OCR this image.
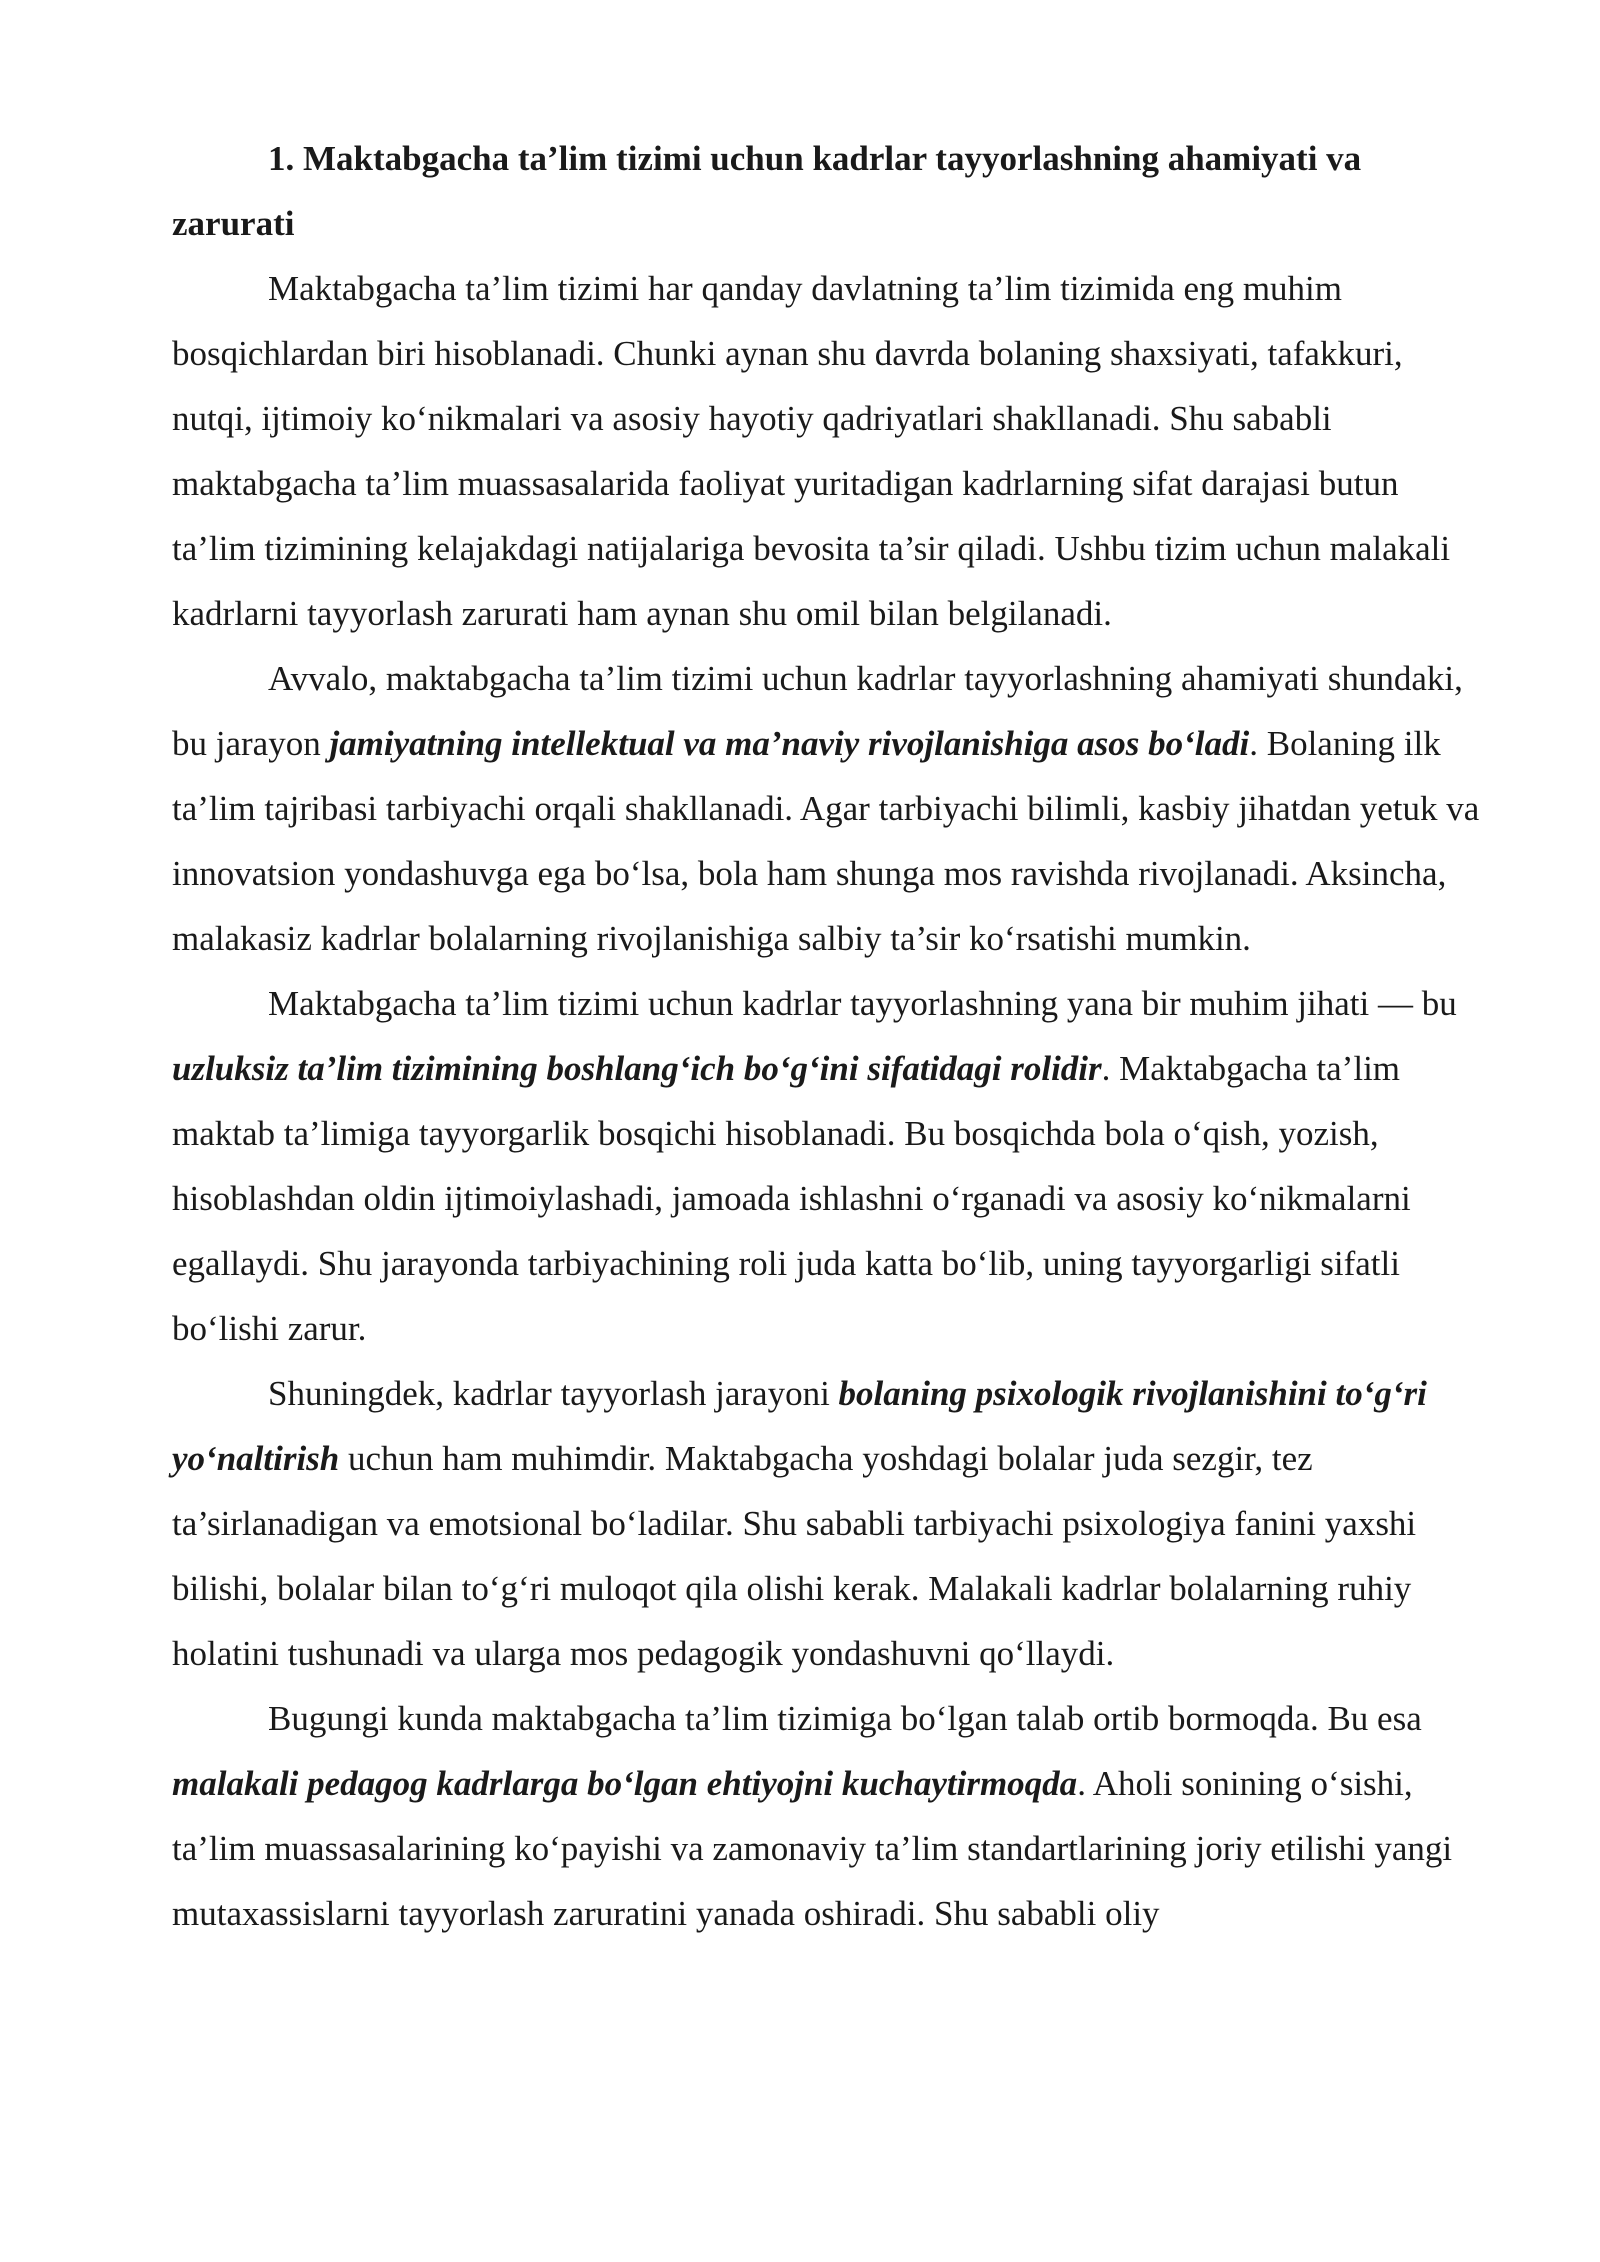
1. Maktabgacha ta’lim tizimi uchun kadrlar tayyorlashning ahamiyati va zarurati

Maktabgacha ta’lim tizimi har qanday davlatning ta’lim tizimida eng muhim bosqichlardan biri hisoblanadi. Chunki aynan shu davrda bolaning shaxsiyati, tafakkuri, nutqi, ijtimoiy koʻnikmalari va asosiy hayotiy qadriyatlari shakllanadi. Shu sababli maktabgacha ta’lim muassasalarida faoliyat yuritadigan kadrlarning sifat darajasi butun ta’lim tizimining kelajakdagi natijalariga bevosita ta’sir qiladi. Ushbu tizim uchun malakali kadrlarni tayyorlash zarurati ham aynan shu omil bilan belgilanadi.

Avvalo, maktabgacha ta’lim tizimi uchun kadrlar tayyorlashning ahamiyati shundaki, bu jarayon jamiyatning intellektual va ma’naviy rivojlanishiga asos boʻladi. Bolaning ilk ta’lim tajribasi tarbiyachi orqali shakllanadi. Agar tarbiyachi bilimli, kasbiy jihatdan yetuk va innovatsion yondashuvga ega boʻlsa, bola ham shunga mos ravishda rivojlanadi. Aksincha, malakasiz kadrlar bolalarning rivojlanishiga salbiy ta’sir koʻrsatishi mumkin.

Maktabgacha ta’lim tizimi uchun kadrlar tayyorlashning yana bir muhim jihati — bu uzluksiz ta’lim tizimining boshlangʻich boʻgʻini sifatidagi rolidir. Maktabgacha ta’lim maktab ta’limiga tayyorgarlik bosqichi hisoblanadi. Bu bosqichda bola oʻqish, yozish, hisoblashdan oldin ijtimoiylashadi, jamoada ishlashni oʻrganadi va asosiy koʻnikmalarni egallaydi. Shu jarayonda tarbiyachining roli juda katta boʻlib, uning tayyorgarligi sifatli boʻlishi zarur.

Shuningdek, kadrlar tayyorlash jarayoni bolaning psixologik rivojlanishini toʻgʻri yoʻnaltirish uchun ham muhimdir. Maktabgacha yoshdagi bolalar juda sezgir, tez ta’sirlanadigan va emotsional boʻladilar. Shu sababli tarbiyachi psixologiya fanini yaxshi bilishi, bolalar bilan toʻgʻri muloqot qila olishi kerak. Malakali kadrlar bolalarning ruhiy holatini tushunadi va ularga mos pedagogik yondashuvni qoʻllaydi.

Bugungi kunda maktabgacha ta’lim tizimiga boʻlgan talab ortib bormoqda. Bu esa malakali pedagog kadrlarga boʻlgan ehtiyojni kuchaytirmoqda. Aholi sonining oʻsishi, ta’lim muassasalarining koʻpayishi va zamonaviy ta’lim standartlarining joriy etilishi yangi mutaxassislarni tayyorlash zaruratini yanada oshiradi. Shu sababli oliy
